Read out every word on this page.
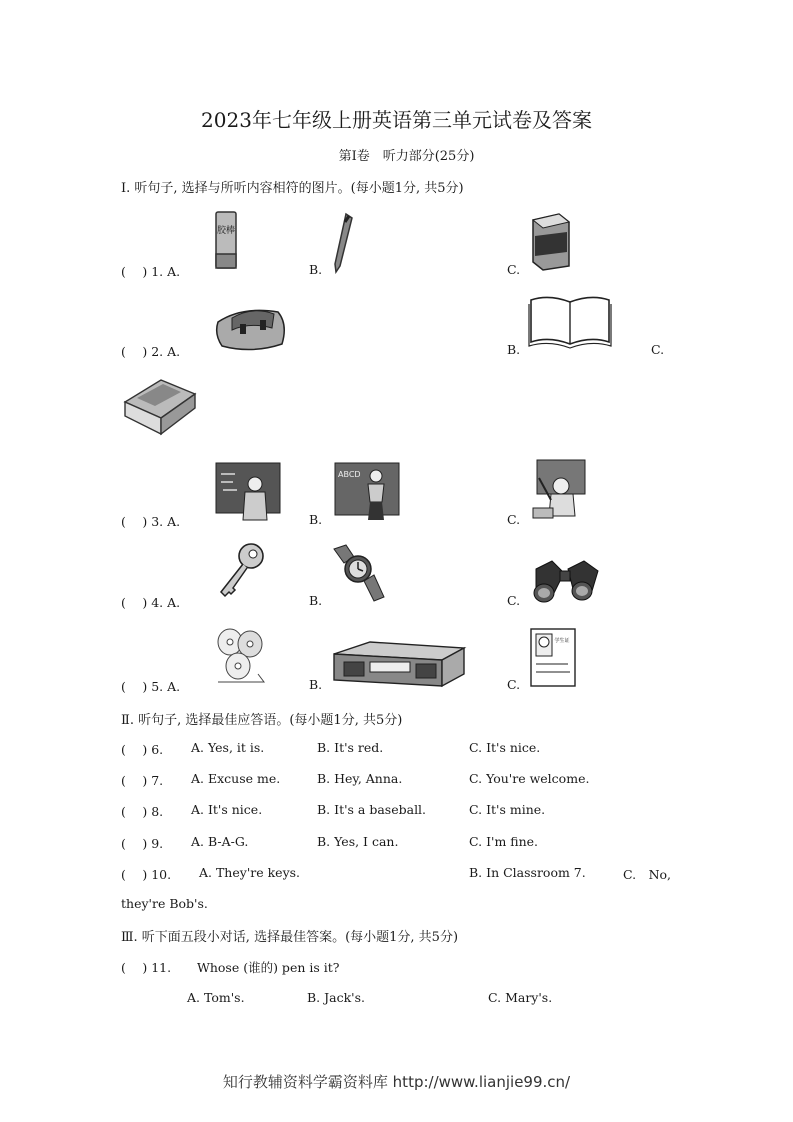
2023年七年级上册英语第三单元试卷及答案
第Ⅰ卷　听力部分(25分)
Ⅰ. 听句子, 选择与所听内容相符的图片。(每小题1分, 共5分)
(　 ) 1. A.	B.	C.
胶棒
(　 ) 2. A.	B.	C.
(　 ) 3. A.	B.	C.
ABCD
(　 ) 4. A.	B.	C.
(　 ) 5. A.	B.	C.
学生证
Ⅱ. 听句子, 选择最佳应答语。(每小题1分, 共5分)
(　 ) 6. A. Yes, it is.	B. It's red.	C. It's nice.
(　 ) 7. A. Excuse me.	B. Hey, Anna.	C. You're welcome.
(　 ) 8. A. It's nice.	B. It's a baseball.	C. It's mine.
(　 ) 9. A. B-A-G.	B. Yes, I can.	C. I'm fine.
(　 ) 10. A. They're keys.	B. In Classroom 7.	C.　No,
they're Bob's.
Ⅲ. 听下面五段小对话, 选择最佳答案。(每小题1分, 共5分)
(　 ) 11. Whose (谁的) pen is it?
A. Tom's.	B. Jack's.	C. Mary's.
知行教辅资料学霸资料库 http://www.lianjie99.cn/
